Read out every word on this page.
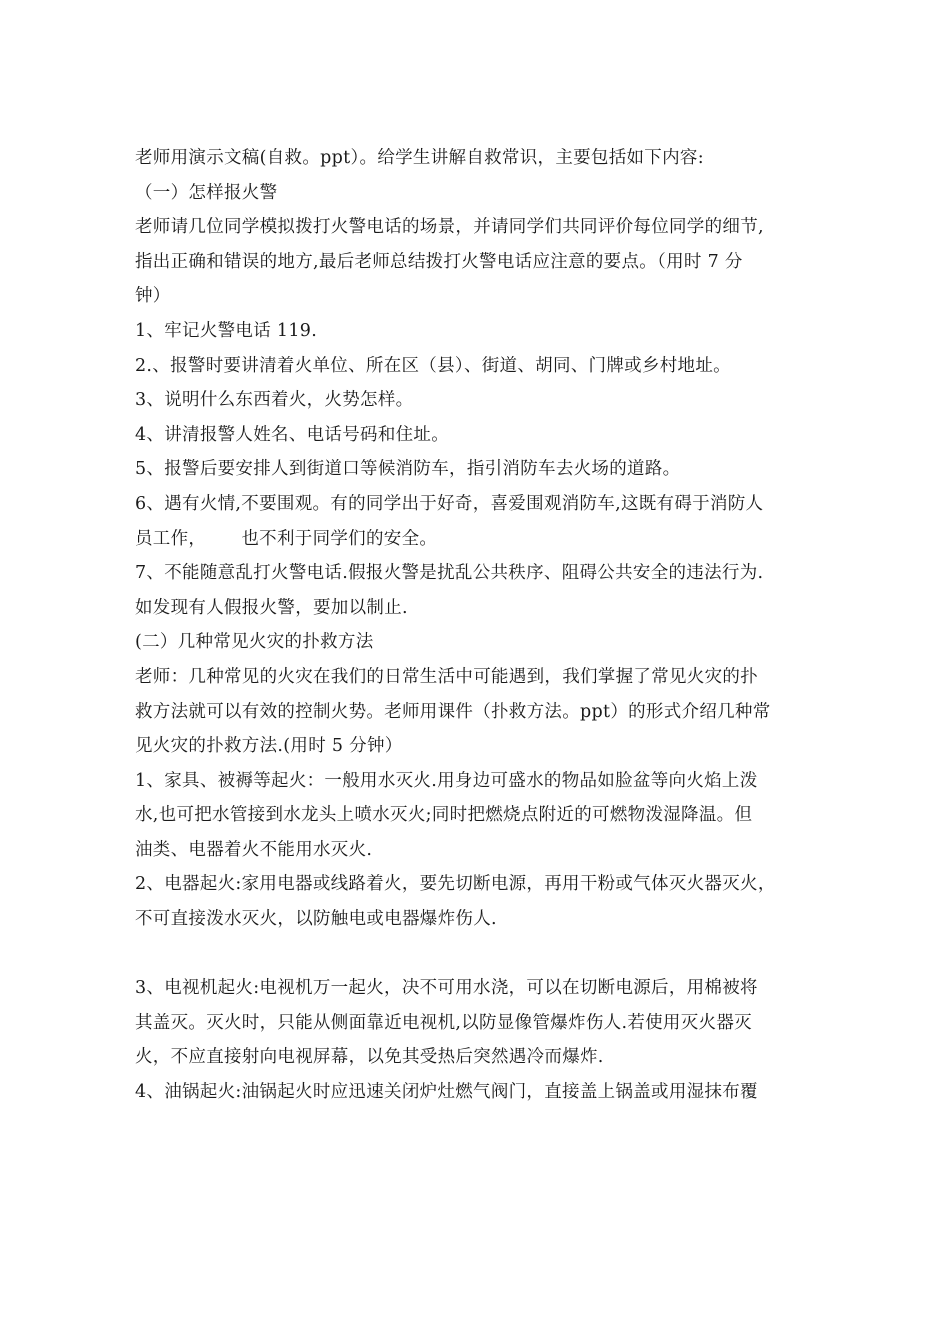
老师用演示文稿(自救。ppt）。给学生讲解自救常识，主要包括如下内容:
（一）怎样报火警
老师请几位同学模拟拨打火警电话的场景，并请同学们共同评价每位同学的细节,
指出正确和错误的地方,最后老师总结拨打火警电话应注意的要点。（用时 7 分
钟）
1、牢记火警电话 119.
2.、报警时要讲清着火单位、所在区（县）、街道、胡同、门牌或乡村地址。
3、说明什么东西着火，火势怎样。
4、讲清报警人姓名、电话号码和住址。
5、报警后要安排人到街道口等候消防车，指引消防车去火场的道路。
6、遇有火情,不要围观。有的同学出于好奇，喜爱围观消防车,这既有碍于消防人
员工作，      也不利于同学们的安全。
7、不能随意乱打火警电话.假报火警是扰乱公共秩序、阻碍公共安全的违法行为.
如发现有人假报火警，要加以制止.
(二）几种常见火灾的扑救方法
老师：几种常见的火灾在我们的日常生活中可能遇到，我们掌握了常见火灾的扑
救方法就可以有效的控制火势。老师用课件（扑救方法。ppt）的形式介绍几种常
见火灾的扑救方法.(用时 5 分钟）
1、家具、被褥等起火：一般用水灭火.用身边可盛水的物品如脸盆等向火焰上泼
水,也可把水管接到水龙头上喷水灭火;同时把燃烧点附近的可燃物泼湿降温。但
油类、电器着火不能用水灭火.
2、电器起火:家用电器或线路着火，要先切断电源，再用干粉或气体灭火器灭火，
不可直接泼水灭火，以防触电或电器爆炸伤人.
3、电视机起火:电视机万一起火，决不可用水浇，可以在切断电源后，用棉被将
其盖灭。灭火时，只能从侧面靠近电视机,以防显像管爆炸伤人.若使用灭火器灭
火，不应直接射向电视屏幕，以免其受热后突然遇冷而爆炸.
4、油锅起火:油锅起火时应迅速关闭炉灶燃气阀门，直接盖上锅盖或用湿抹布覆
